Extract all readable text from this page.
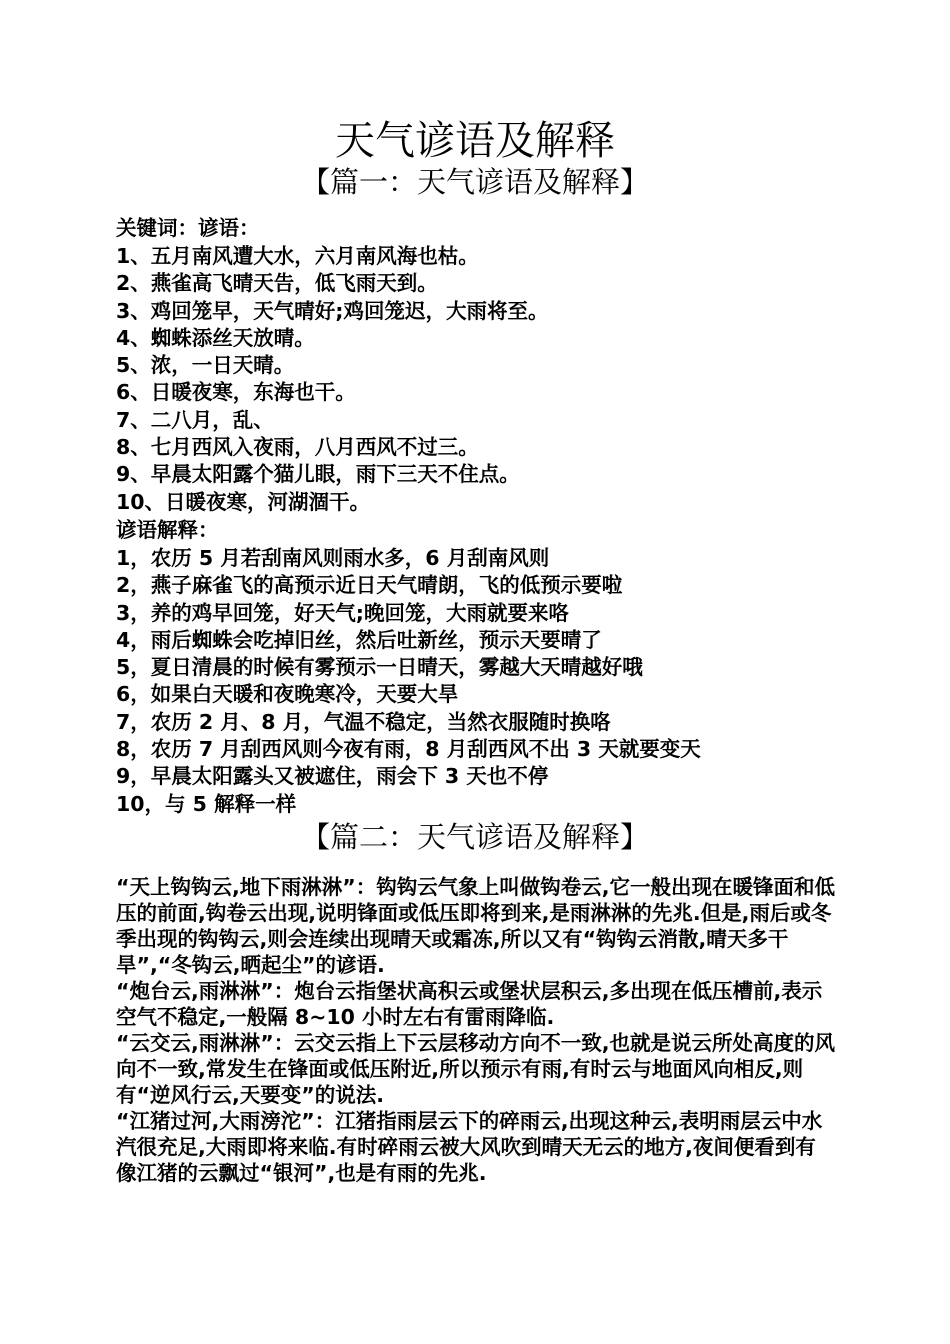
天气谚语及解释
【篇一：天气谚语及解释】
关键词：谚语：
1、五月南风遭大水，六月南风海也枯。
2、燕雀高飞晴天告，低飞雨天到。
3、鸡回笼早，天气晴好;鸡回笼迟，大雨将至。
4、蜘蛛添丝天放晴。
5、浓，一日天晴。
6、日暖夜寒，东海也干。
7、二八月，乱、
8、七月西风入夜雨，八月西风不过三。
9、早晨太阳露个猫儿眼，雨下三天不住点。
10、日暖夜寒，河湖涸干。
谚语解释：
1，农历 5 月若刮南风则雨水多，6 月刮南风则
2，燕子麻雀飞的高预示近日天气晴朗，飞的低预示要啦
3，养的鸡早回笼，好天气;晚回笼，大雨就要来咯
4，雨后蜘蛛会吃掉旧丝，然后吐新丝，预示天要晴了
5，夏日清晨的时候有雾预示一日晴天，雾越大天晴越好哦
6，如果白天暖和夜晚寒冷，天要大旱
7，农历 2 月、8 月，气温不稳定，当然衣服随时换咯
8，农历 7 月刮西风则今夜有雨，8 月刮西风不出 3 天就要变天
9，早晨太阳露头又被遮住，雨会下 3 天也不停
10，与 5 解释一样
【篇二：天气谚语及解释】

“天上钩钩云,地下雨淋淋”：钩钩云气象上叫做钩卷云,它一般出现在暖锋面和低压的前面,钩卷云出现,说明锋面或低压即将到来,是雨淋淋的先兆.但是,雨后或冬季出现的钩钩云,则会连续出现晴天或霜冻,所以又有“钩钩云消散,晴天多干旱”,“冬钩云,晒起尘”的谚语.

“炮台云,雨淋淋”：炮台云指堡状高积云或堡状层积云,多出现在低压槽前,表示空气不稳定,一般隔 8~10 小时左右有雷雨降临.

“云交云,雨淋淋”：云交云指上下云层移动方向不一致,也就是说云所处高度的风向不一致,常发生在锋面或低压附近,所以预示有雨,有时云与地面风向相反,则有“逆风行云,天要变”的说法.

“江猪过河,大雨滂沱”：江猪指雨层云下的碎雨云,出现这种云,表明雨层云中水汽很充足,大雨即将来临.有时碎雨云被大风吹到晴天无云的地方,夜间便看到有像江猪的云飘过“银河”,也是有雨的先兆.
